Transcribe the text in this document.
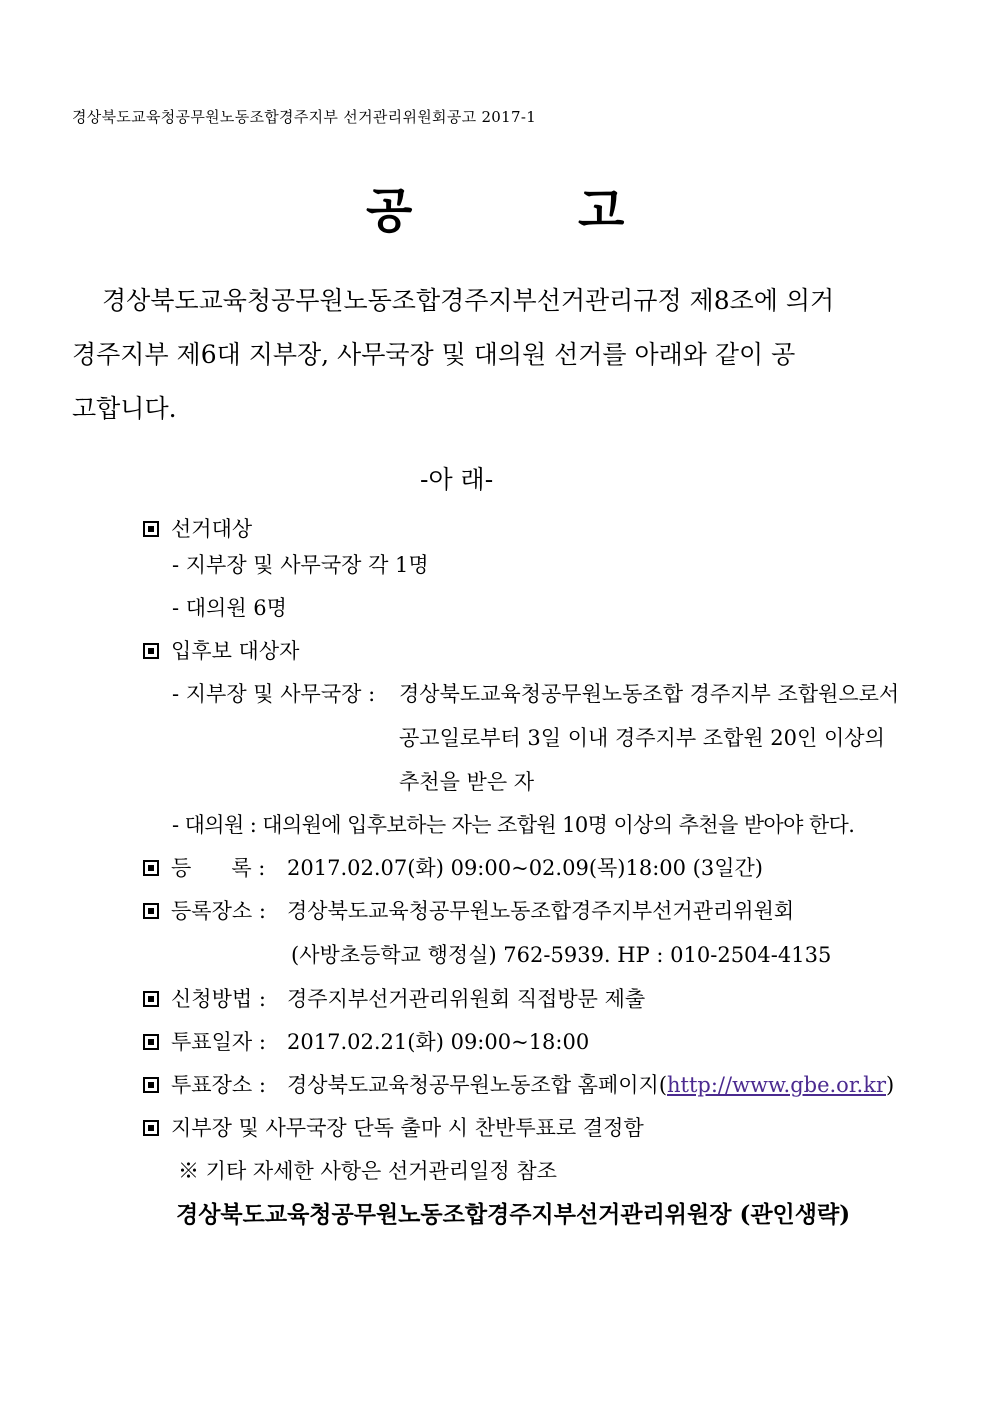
경상북도교육청공무원노동조합경주지부 선거관리위원회공고 2017-1
공	고
경상북도교육청공무원노동조합경주지부선거관리규정 제8조에 의거
경주지부 제6대 지부장, 사무국장 및 대의원 선거를 아래와 같이 공
고합니다.
-아 래-
선거대상
- 지부장 및 사무국장 각 1명
- 대의원 6명
입후보 대상자
- 지부장 및 사무국장 : 경상북도교육청공무원노동조합 경주지부 조합원으로서
공고일로부터 3일 이내 경주지부 조합원 20인 이상의
추천을 받은 자
- 대의원 : 대의원에 입후보하는 자는 조합원 10명 이상의 추천을 받아야 한다.
등      록 : 2017.02.07(화) 09:00~02.09(목)18:00 (3일간)
등록장소 : 경상북도교육청공무원노동조합경주지부선거관리위원회
(사방초등학교 행정실) 762-5939. HP : 010-2504-4135
신청방법 : 경주지부선거관리위원회 직접방문 제출
투표일자 : 2017.02.21(화) 09:00~18:00
투표장소 : 경상북도교육청공무원노동조합 홈페이지(http://www.gbe.or.kr)
지부장 및 사무국장 단독 출마 시 찬반투표로 결정함
※ 기타 자세한 사항은 선거관리일정 참조
경상북도교육청공무원노동조합경주지부선거관리위원장 (관인생략)
